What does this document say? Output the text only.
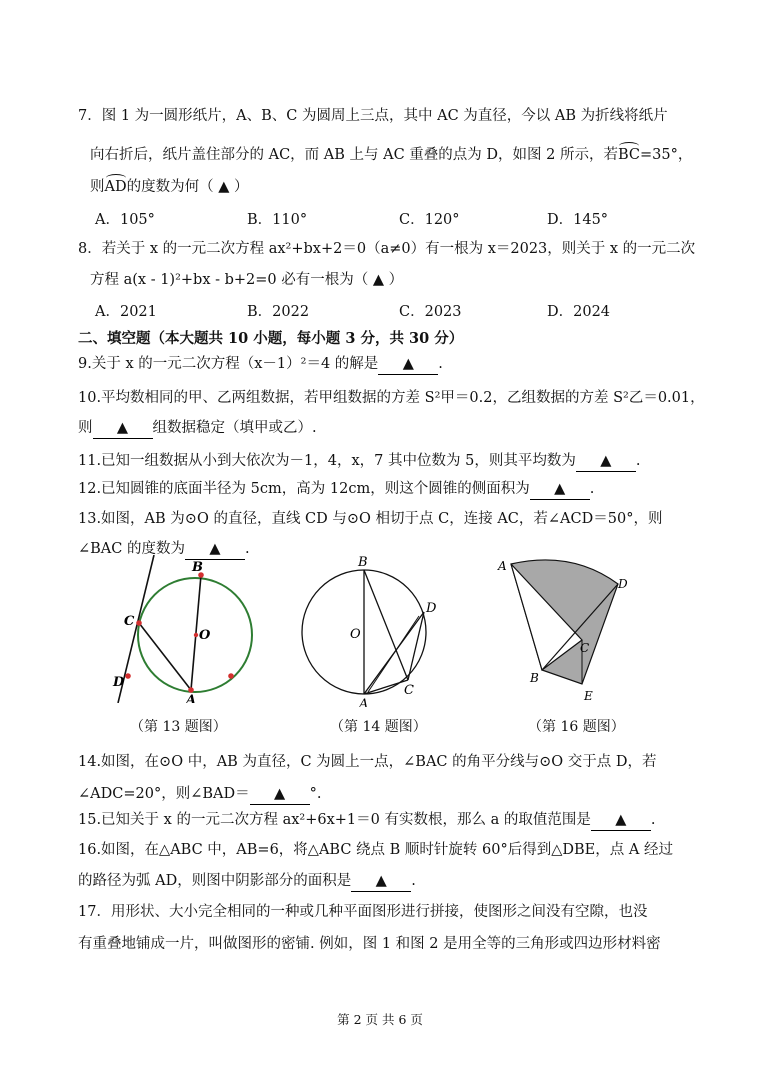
7．图 1 为一圆形纸片，A、B、C 为圆周上三点，其中 AC 为直径，今以 AB 为折线将纸片
向右折后，纸片盖住部分的 AC，而 AB 上与 AC 重叠的点为 D，如图 2 所示，若BC=35°，
则AD的度数为何（ ▲ ）
A．105°	B．110°	C．120°	D．145°
8．若关于 x 的一元二次方程 ax²+bx+2＝0（a≠0）有一根为 x＝2023，则关于 x 的一元二次
方程 a(x - 1)²+bx - b+2=0 必有一根为（ ▲ ）
A．2021	B．2022	C．2023	D．2024
二、填空题（本大题共 10 小题，每小题 3 分，共 30 分）
9.关于 x 的一元二次方程（x－1）²＝4 的解是 ▲ .
10.平均数相同的甲、乙两组数据，若甲组数据的方差 S²甲＝0.2，乙组数据的方差 S²乙＝0.01，
则 ▲ 组数据稳定（填甲或乙）.
11.已知一组数据从小到大依次为－1，4，x，7 其中位数为 5，则其平均数为 ▲ .
12.已知圆锥的底面半径为 5cm，高为 12cm，则这个圆锥的侧面积为 ▲ .
13.如图，AB 为⊙O 的直径，直线 CD 与⊙O 相切于点 C，连接 AC，若∠ACD＝50°，则
∠BAC 的度数为 ▲ .
B
C
O
D
A
B
O
D
A
C
A
D
C
B
E
（第 13 题图）	（第 14 题图）	（第 16 题图）
14.如图，在⊙O 中，AB 为直径，C 为圆上一点，∠BAC 的角平分线与⊙O 交于点 D，若
∠ADC=20°，则∠BAD＝ ▲ °.
15.已知关于 x 的一元二次方程 ax²+6x+1＝0 有实数根，那么 a 的取值范围是 ▲ .
16.如图，在△ABC 中，AB=6，将△ABC 绕点 B 顺时针旋转 60°后得到△DBE，点 A 经过
的路径为弧 AD，则图中阴影部分的面积是 ▲ .
17．用形状、大小完全相同的一种或几种平面图形进行拼接，使图形之间没有空隙，也没
有重叠地铺成一片，叫做图形的密铺. 例如，图 1 和图 2 是用全等的三角形或四边形材料密
第 2 页 共 6 页
